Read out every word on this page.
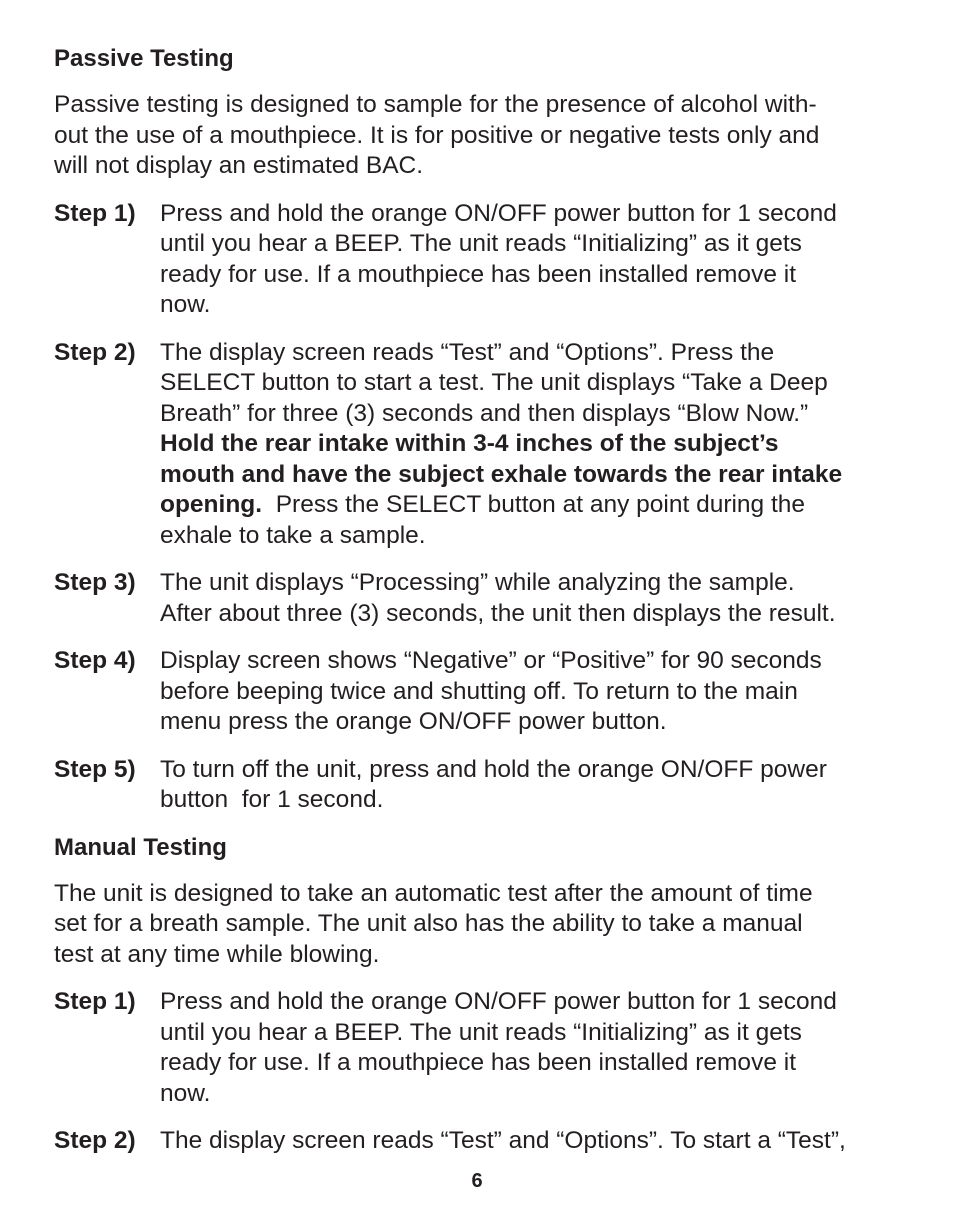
Passive Testing
Passive testing is designed to sample for the presence of alcohol with-
out the use of a mouthpiece. It is for positive or negative tests only and
will not display an estimated BAC.
Step 1) Press and hold the orange ON/OFF power button for 1 second
until you hear a BEEP. The unit reads “Initializing” as it gets
ready for use. If a mouthpiece has been installed remove it
now.
Step 2) The display screen reads “Test” and “Options”. Press the
SELECT button to start a test. The unit displays “Take a Deep
Breath” for three (3) seconds and then displays “Blow Now.”
Hold the rear intake within 3-4 inches of the subject’s
mouth and have the subject exhale towards the rear intake
opening.  Press the SELECT button at any point during the
exhale to take a sample.
Step 3) The unit displays “Processing” while analyzing the sample.
After about three (3) seconds, the unit then displays the result.
Step 4) Display screen shows “Negative” or “Positive” for 90 seconds
before beeping twice and shutting off. To return to the main
menu press the orange ON/OFF power button.
Step 5) To turn off the unit, press and hold the orange ON/OFF power
button  for 1 second.
Manual Testing
The unit is designed to take an automatic test after the amount of time
set for a breath sample. The unit also has the ability to take a manual
test at any time while blowing.
Step 1) Press and hold the orange ON/OFF power button for 1 second
until you hear a BEEP. The unit reads “Initializing” as it gets
ready for use. If a mouthpiece has been installed remove it
now.
Step 2) The display screen reads “Test” and “Options”. To start a “Test”,
6
